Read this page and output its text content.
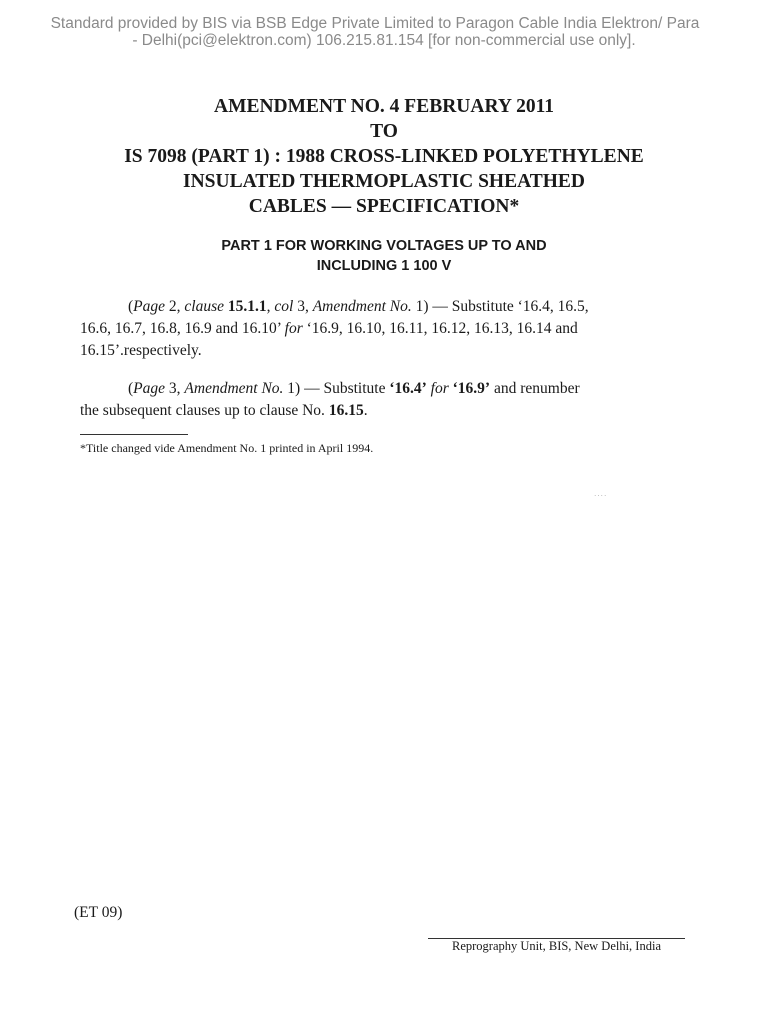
Standard provided by BIS via BSB Edge Private Limited to Paragon Cable India Elektron/ Para
- Delhi(pci@elektron.com) 106.215.81.154 [for non-commercial use only].
AMENDMENT NO. 4 FEBRUARY 2011
TO
IS 7098 (PART 1) : 1988 CROSS-LINKED POLYETHYLENE
INSULATED THERMOPLASTIC SHEATHED
CABLES — SPECIFICATION*
PART 1 FOR WORKING VOLTAGES UP TO AND
INCLUDING 1 100 V
(Page 2, clause 15.1.1, col 3, Amendment No. 1) — Substitute ‘16.4, 16.5,
16.6, 16.7, 16.8, 16.9 and 16.10’ for ‘16.9, 16.10, 16.11, 16.12, 16.13, 16.14 and
16.15’.respectively.
(Page 3, Amendment No. 1) — Substitute ‘16.4’ for ‘16.9’ and renumber
the subsequent clauses up to clause No. 16.15.
*Title changed vide Amendment No. 1 printed in April 1994.
····
(ET 09)
Reprography Unit, BIS, New Delhi, India
